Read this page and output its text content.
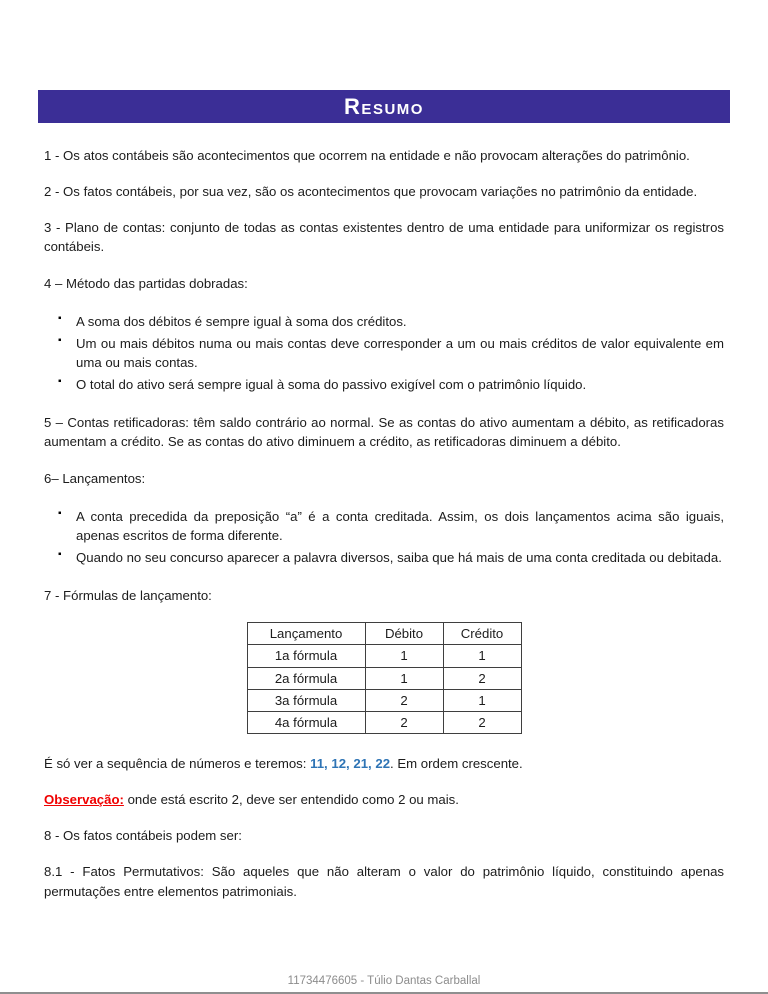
Resumo

1 - Os atos contábeis são acontecimentos que ocorrem na entidade e não provocam alterações do patrimônio.

2 - Os fatos contábeis, por sua vez, são os acontecimentos que provocam variações no patrimônio da entidade.

3 - Plano de contas: conjunto de todas as contas existentes dentro de uma entidade para uniformizar os registros contábeis.

4 – Método das partidas dobradas:

▪ A soma dos débitos é sempre igual à soma dos créditos.
▪ Um ou mais débitos numa ou mais contas deve corresponder a um ou mais créditos de valor equivalente em uma ou mais contas.
▪ O total do ativo será sempre igual à soma do passivo exigível com o patrimônio líquido.

5 – Contas retificadoras: têm saldo contrário ao normal. Se as contas do ativo aumentam a débito, as retificadoras aumentam a crédito. Se as contas do ativo diminuem a crédito, as retificadoras diminuem a débito.

6– Lançamentos:

▪ A conta precedida da preposição “a” é a conta creditada. Assim, os dois lançamentos acima são iguais, apenas escritos de forma diferente.
▪ Quando no seu concurso aparecer a palavra diversos, saiba que há mais de uma conta creditada ou debitada.

7 - Fórmulas de lançamento:

Lançamento	Débito	Crédito
1a fórmula	1	1
2a fórmula	1	2
3a fórmula	2	1
4a fórmula	2	2

É só ver a sequência de números e teremos: 11, 12, 21, 22. Em ordem crescente.

Observação: onde está escrito 2, deve ser entendido como 2 ou mais.

8 - Os fatos contábeis podem ser:

8.1 - Fatos Permutativos: São aqueles que não alteram o valor do patrimônio líquido, constituindo apenas permutações entre elementos patrimoniais.

11734476605 - Túlio Dantas Carballal
